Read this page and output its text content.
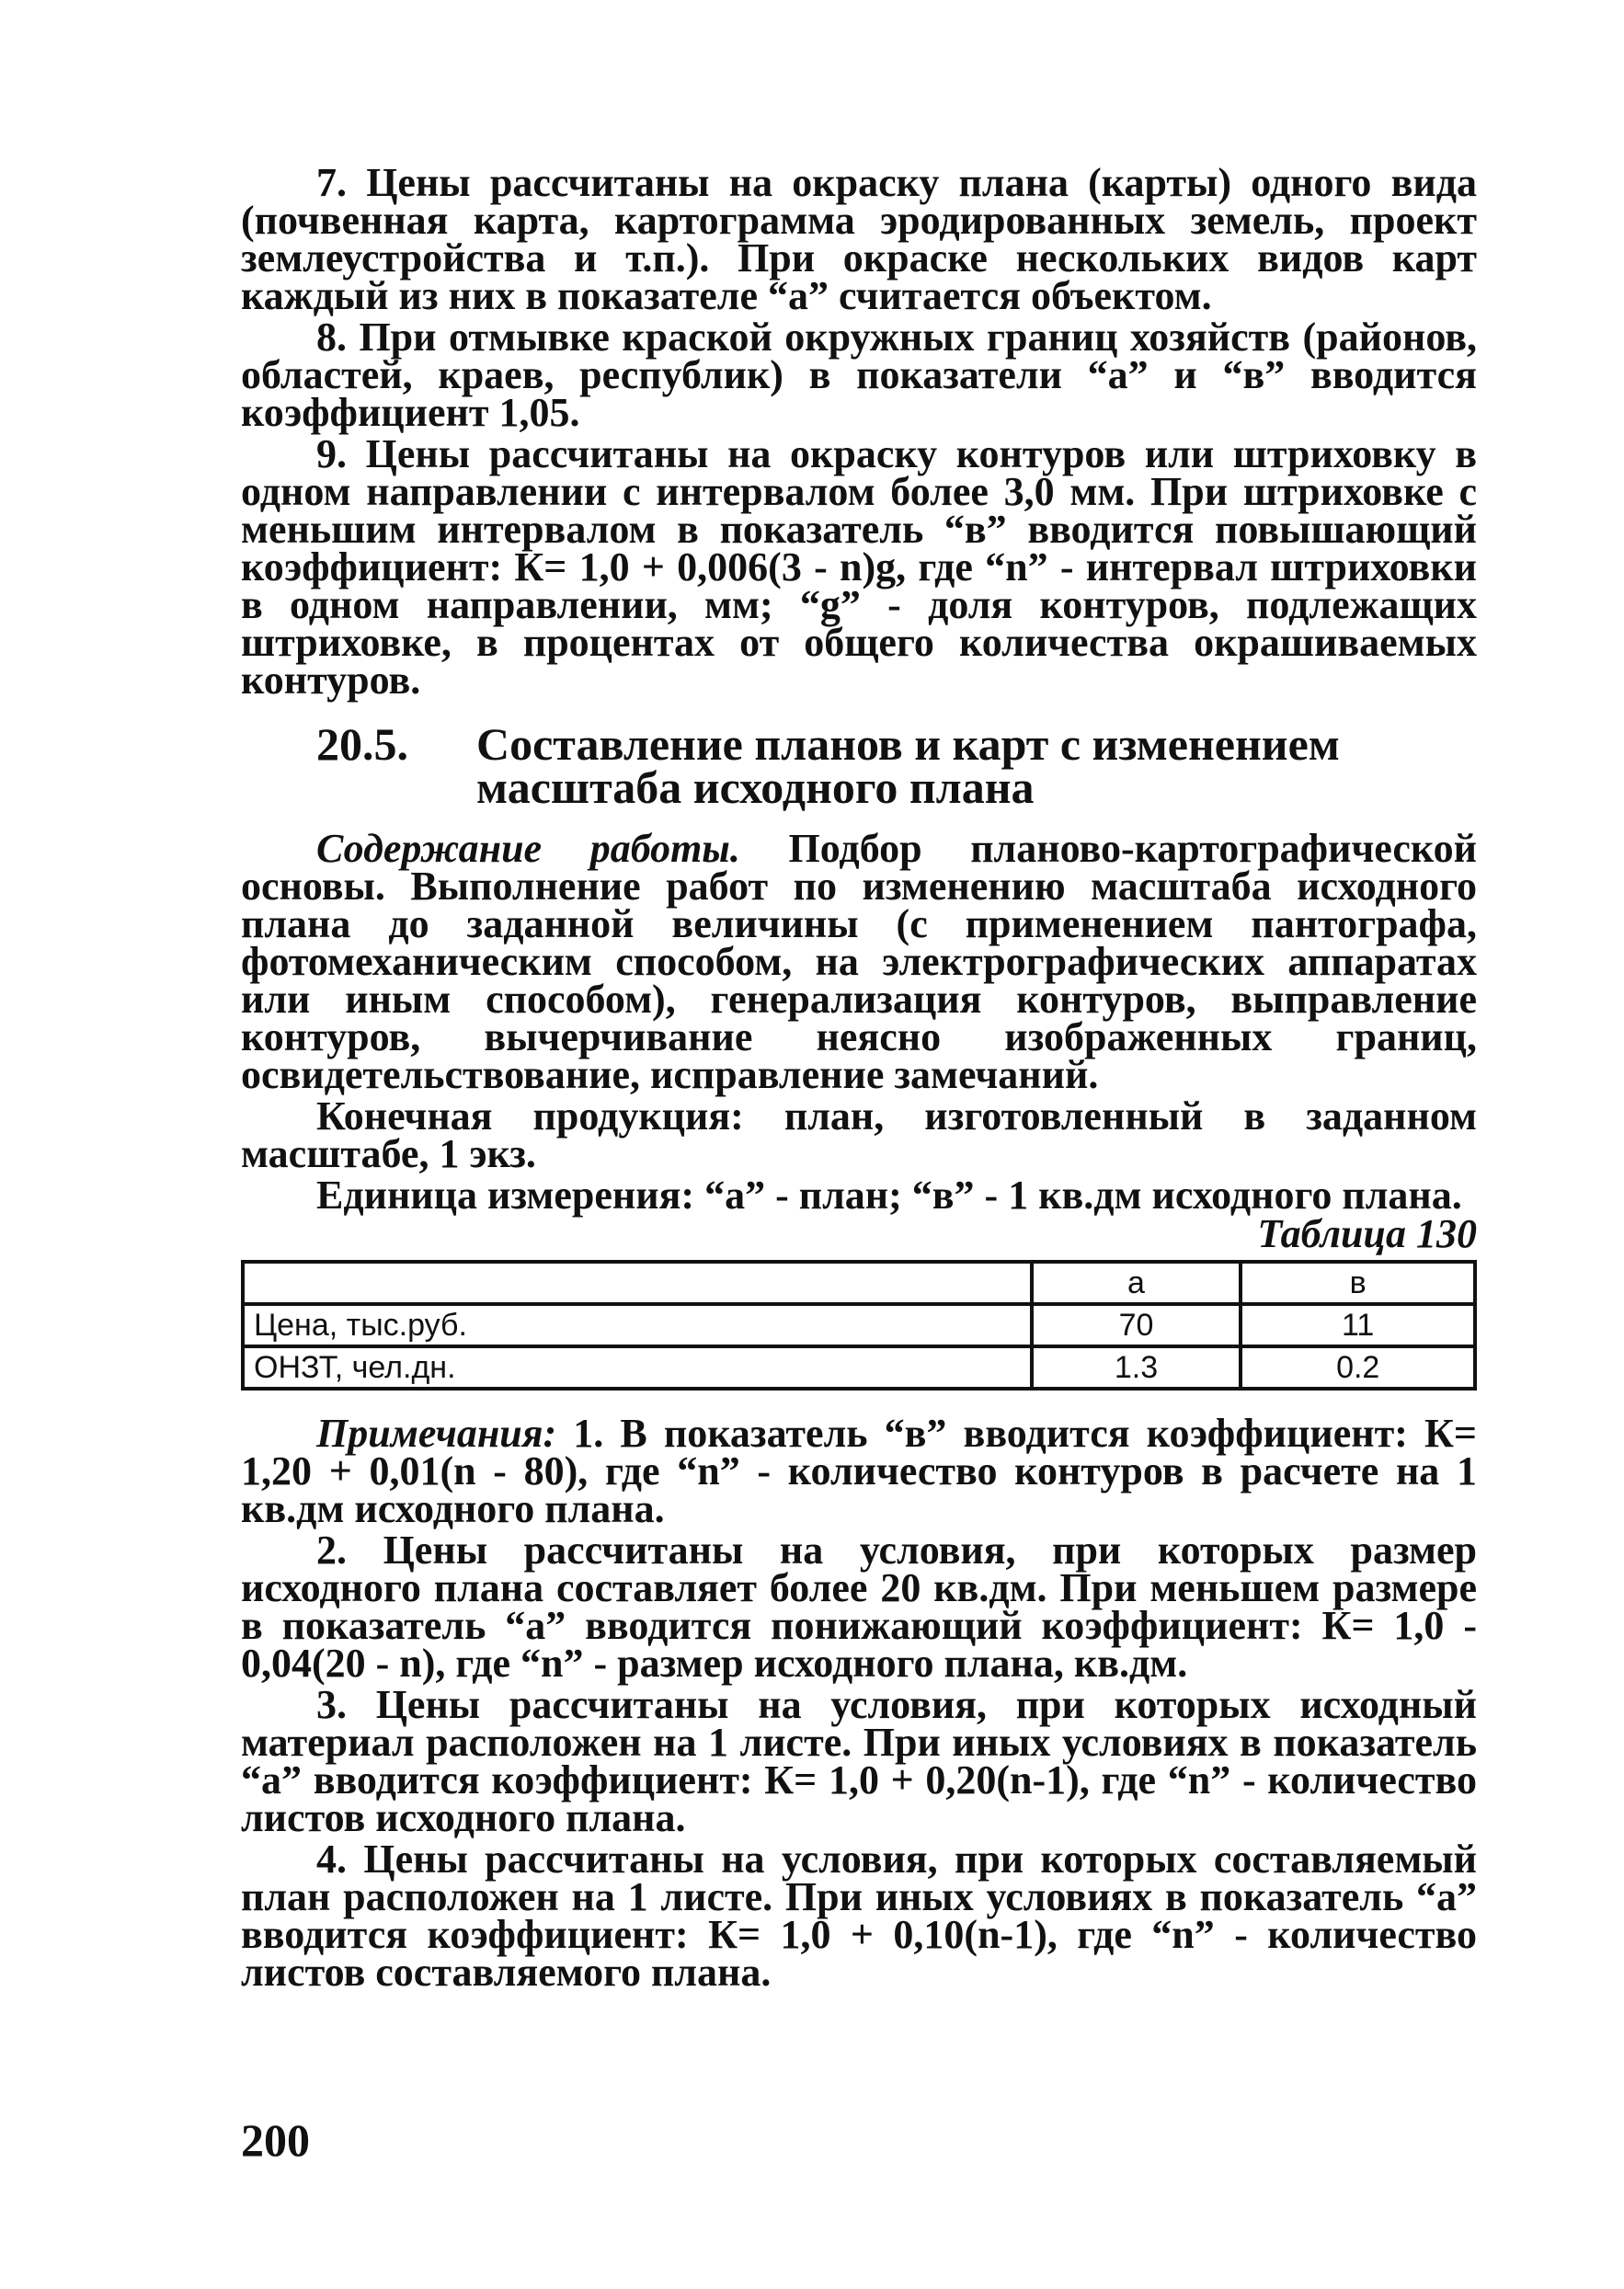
7. Цены рассчитаны на окраску плана (карты) одного вида (почвенная карта, картограмма эродированных земель, проект землеустройства и т.п.). При окраске нескольких видов карт каждый из них в показателе “а” считается объектом.

8. При отмывке краской окружных границ хозяйств (районов, областей, краев, республик) в показатели “а” и “в” вводится коэффициент 1,05.

9. Цены рассчитаны на окраску контуров или штриховку в одном направлении с интервалом более 3,0 мм. При штриховке с меньшим интервалом в показатель “в” вводится повышающий коэффициент: К= 1,0 + 0,006(3 - n)g, где “n” - интервал штриховки в одном направлении, мм; “g” - доля контуров, подлежащих штриховке, в процентах от общего количества окрашиваемых контуров.

20.5.	Составление планов и карт с изменением масштаба исходного плана

Содержание работы. Подбор планово-картографической основы. Выполнение работ по изменению масштаба исходного плана до заданной величины (с применением пантографа, фотомеханическим способом, на электрографических аппаратах или иным способом), генерализация контуров, выправление контуров, вычерчивание неясно изображенных границ, освидетельствование, исправление замечаний.

Конечная продукция: план, изготовленный в заданном масштабе, 1 экз.

Единица измерения: “а” - план; “в” - 1 кв.дм исходного плана.

Таблица 130
	а	в
Цена, тыс.руб.	70	11
ОНЗТ, чел.дн.	1.3	0.2

Примечания: 1. В показатель “в” вводится коэффициент: К= 1,20 + 0,01(n - 80), где “n” - количество контуров в расчете на 1 кв.дм исходного плана.

2. Цены рассчитаны на условия, при которых размер исходного плана составляет более 20 кв.дм. При меньшем размере в показатель “а” вводится понижающий коэффициент: К= 1,0 - 0,04(20 - n), где “n” - размер исходного плана, кв.дм.

3. Цены рассчитаны на условия, при которых исходный материал расположен на 1 листе. При иных условиях в показатель “а” вводится коэффициент: К= 1,0 + 0,20(n-1), где “n” - количество листов исходного плана.

4. Цены рассчитаны на условия, при которых составляемый план расположен на 1 листе. При иных условиях в показатель “а” вводится коэффициент: К= 1,0 + 0,10(n-1), где “n” - количество листов составляемого плана.

200
